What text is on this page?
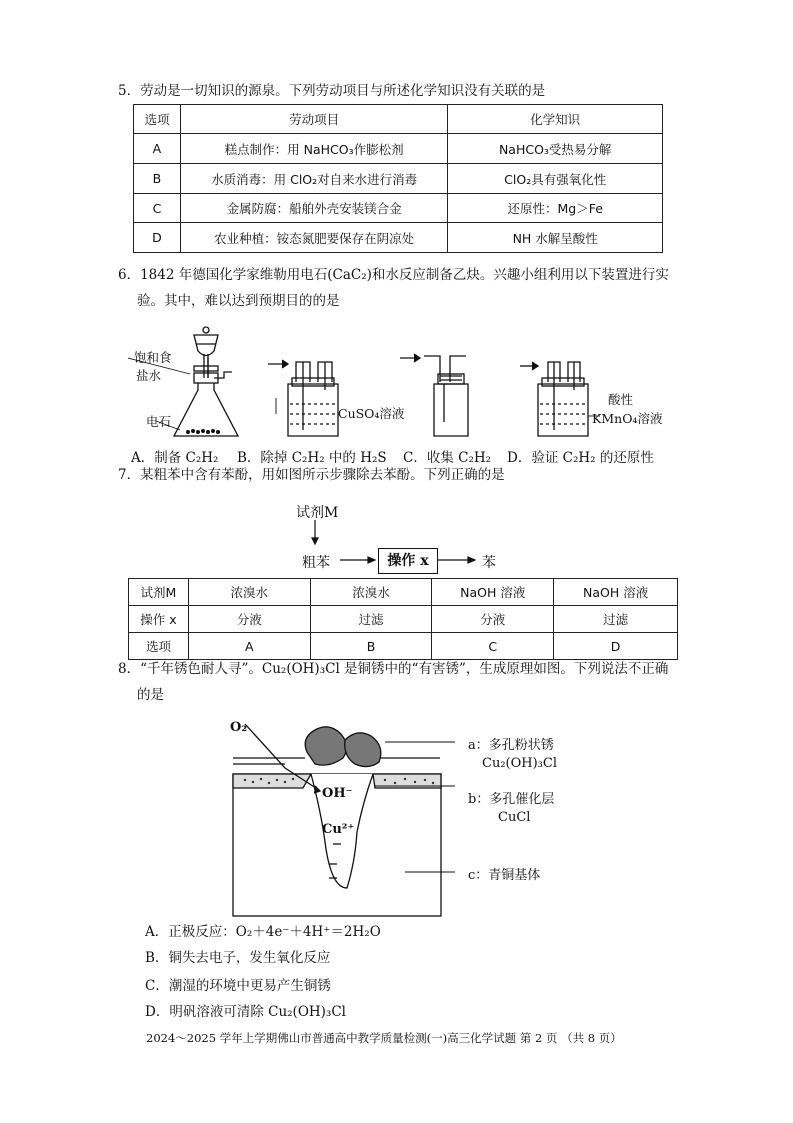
5．劳动是一切知识的源泉。下列劳动项目与所述化学知识没有关联的是
选项	劳动项目	化学知识
A	糕点制作：用 NaHCO₃作膨松剂	NaHCO₃受热易分解
B	水质消毒：用 ClO₂对自来水进行消毒	ClO₂具有强氧化性
C	金属防腐：船舶外壳安装镁合金	还原性：Mg＞Fe
D	农业种植：铵态氮肥要保存在阴凉处	NH 水解呈酸性
6．1842 年德国化学家维勒用电石(CaC₂)和水反应制备乙炔。兴趣小组利用以下装置进行实
验。其中，难以达到预期目的的是
饱和食
盐水
电石
CuSO₄溶液
酸性
KMnO₄溶液
A．制备 C₂H₂ B．除掉 C₂H₂ 中的 H₂S C．收集 C₂H₂ D．验证 C₂H₂ 的还原性
7．某粗苯中含有苯酚，用如图所示步骤除去苯酚。下列正确的是
试剂M
粗苯	操作 x	苯
试剂M	浓溴水	浓溴水	NaOH 溶液	NaOH 溶液
操作 x	分液	过滤	分液	过滤
选项	A	B	C	D
8．“千年锈色耐人寻”。Cu₂(OH)₃Cl 是铜锈中的“有害锈”，生成原理如图。下列说法不正确
的是
O₂
OH⁻
Cu²⁺
a：多孔粉状锈
Cu₂(OH)₃Cl
b：多孔催化层
CuCl
c：青铜基体
A．正极反应：O₂＋4e⁻＋4H⁺＝2H₂O
B．铜失去电子，发生氧化反应
C．潮湿的环境中更易产生铜锈
D．明矾溶液可清除 Cu₂(OH)₃Cl
2024～2025 学年上学期佛山市普通高中教学质量检测(一)高三化学试题 第 2 页 （共 8 页）
